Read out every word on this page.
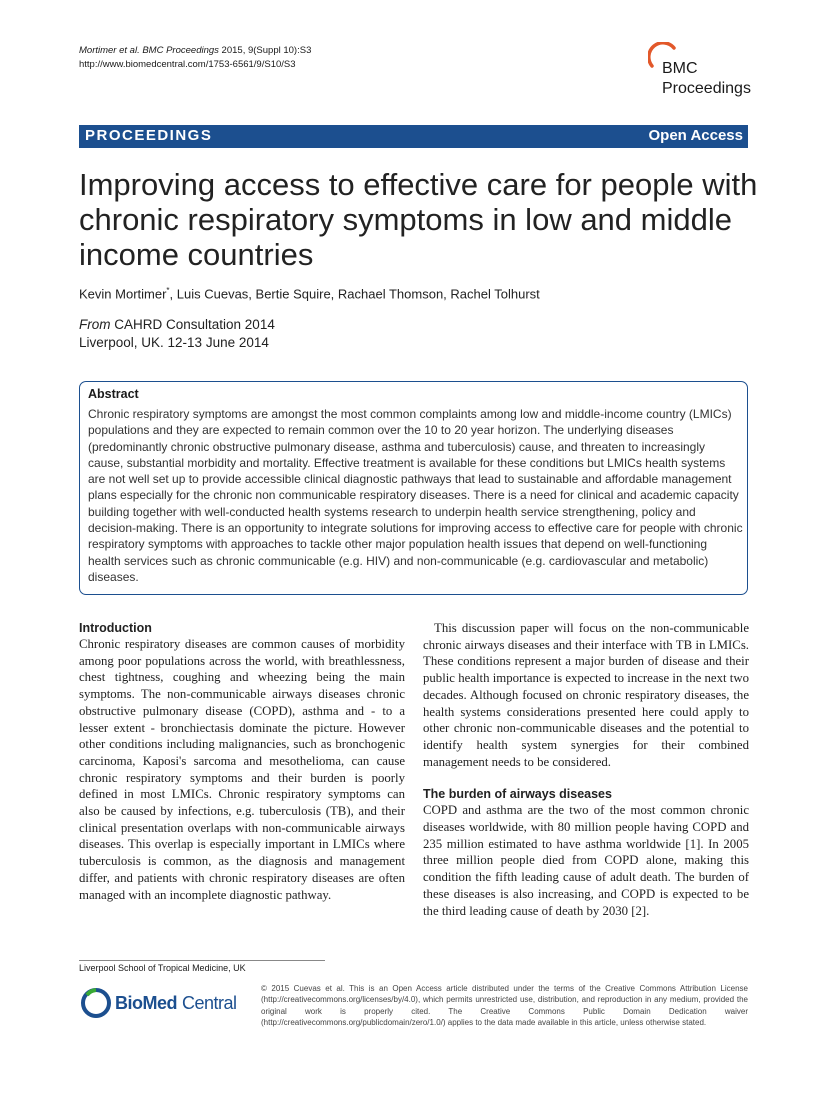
Mortimer et al. BMC Proceedings 2015, 9(Suppl 10):S3
http://www.biomedcentral.com/1753-6561/9/S10/S3	BMC
Proceedings
PROCEEDINGS	Open Access
Improving access to effective care for people with chronic respiratory symptoms in low and middle income countries
Kevin Mortimer*, Luis Cuevas, Bertie Squire, Rachael Thomson, Rachel Tolhurst
From CAHRD Consultation 2014
Liverpool, UK. 12-13 June 2014
Abstract
Chronic respiratory symptoms are amongst the most common complaints among low and middle-income country (LMICs) populations and they are expected to remain common over the 10 to 20 year horizon. The underlying diseases (predominantly chronic obstructive pulmonary disease, asthma and tuberculosis) cause, and threaten to increasingly cause, substantial morbidity and mortality. Effective treatment is available for these conditions but LMICs health systems are not well set up to provide accessible clinical diagnostic pathways that lead to sustainable and affordable management plans especially for the chronic non communicable respiratory diseases. There is a need for clinical and academic capacity building together with well-conducted health systems research to underpin health service strengthening, policy and decision-making. There is an opportunity to integrate solutions for improving access to effective care for people with chronic respiratory symptoms with approaches to tackle other major population health issues that depend on well-functioning health services such as chronic communicable (e.g. HIV) and non-communicable (e.g. cardiovascular and metabolic) diseases.
Introduction

Chronic respiratory diseases are common causes of morbidity among poor populations across the world, with breathlessness, chest tightness, coughing and wheezing being the main symptoms. The non-communicable airways diseases chronic obstructive pulmonary disease (COPD), asthma and - to a lesser extent - bronchiectasis dominate the picture. However other conditions including malignancies, such as bronchogenic carcinoma, Kaposi's sarcoma and mesothelioma, can cause chronic respiratory symptoms and their burden is poorly defined in most LMICs. Chronic respiratory symptoms can also be caused by infections, e.g. tuberculosis (TB), and their clinical presentation overlaps with non-communicable airways diseases. This overlap is especially important in LMICs where tuberculosis is common, as the diagnosis and management differ, and patients with chronic respiratory diseases are often managed with an incomplete diagnostic pathway.

This discussion paper will focus on the non-communicable chronic airways diseases and their interface with TB in LMICs. These conditions represent a major burden of disease and their public health importance is expected to increase in the next two decades. Although focused on chronic respiratory diseases, the health systems considerations presented here could apply to other chronic non-communicable diseases and the potential to identify health system synergies for their combined management needs to be considered.

The burden of airways diseases

COPD and asthma are the two of the most common chronic diseases worldwide, with 80 million people having COPD and 235 million estimated to have asthma worldwide [1]. In 2005 three million people died from COPD alone, making this condition the fifth leading cause of adult death. The burden of these diseases is also increasing, and COPD is expected to be the third leading cause of death by 2030 [2].

Liverpool School of Tropical Medicine, UK
BioMed Central
© 2015 Cuevas et al. This is an Open Access article distributed under the terms of the Creative Commons Attribution License (http://creativecommons.org/licenses/by/4.0), which permits unrestricted use, distribution, and reproduction in any medium, provided the original work is properly cited. The Creative Commons Public Domain Dedication waiver (http://creativecommons.org/publicdomain/zero/1.0/) applies to the data made available in this article, unless otherwise stated.
